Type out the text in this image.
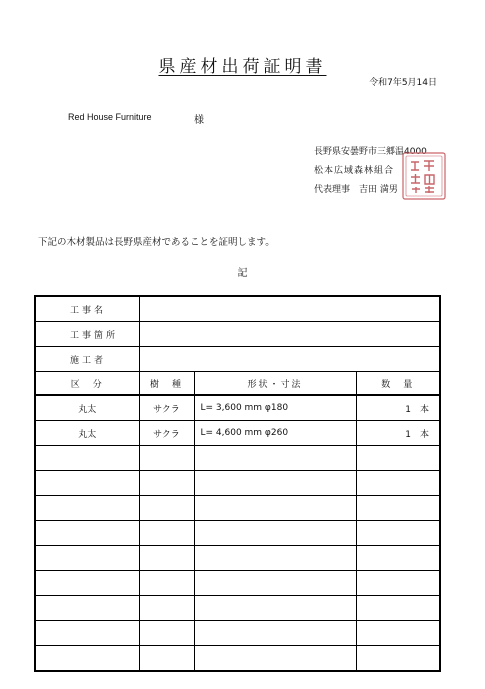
県産材出荷証明書
令和7年5月14日
Red House Furniture	様
長野県安曇野市三郷温4000
松本広域森林組合
代表理事　吉田 満男
下記の木材製品は長野県産材であることを証明します。
記
工事名			
工事箇所			
施工者			
区　分	樹　種	形状・寸法	数　量
丸太	サクラ	L= 3,600 mm φ180	1　本
丸太	サクラ	L= 4,600 mm φ260	1　本
